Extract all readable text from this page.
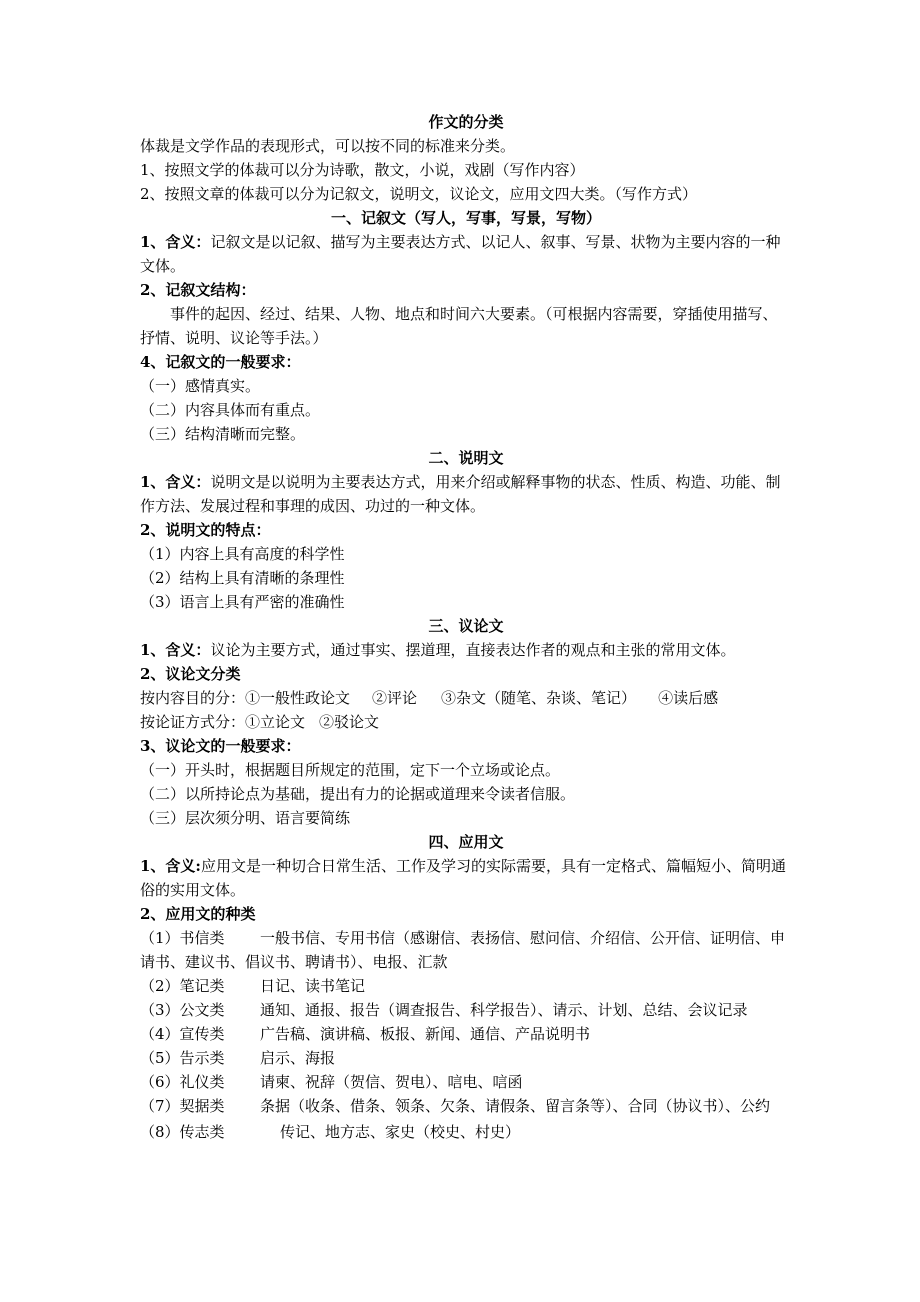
作文的分类
体裁是文学作品的表现形式，可以按不同的标准来分类。
1、按照文学的体裁可以分为诗歌，散文，小说，戏剧（写作内容）
2、按照文章的体裁可以分为记叙文，说明文，议论文，应用文四大类。（写作方式）
一、记叙文（写人，写事，写景，写物）
1、含义：记叙文是以记叙、描写为主要表达方式、以记人、叙事、写景、状物为主要内容的一种文体。
2、记叙文结构：
事件的起因、经过、结果、人物、地点和时间六大要素。（可根据内容需要，穿插使用描写、抒情、说明、议论等手法。）
4、记叙文的一般要求：
（一）感情真实。
（二）内容具体而有重点。
（三）结构清晰而完整。
二、说明文
1、含义：说明文是以说明为主要表达方式，用来介绍或解释事物的状态、性质、构造、功能、制作方法、发展过程和事理的成因、功过的一种文体。
2、说明文的特点：
（1）内容上具有高度的科学性
（2）结构上具有清晰的条理性
（3）语言上具有严密的准确性
三、议论文
1、含义：议论为主要方式，通过事实、摆道理，直接表达作者的观点和主张的常用文体。
2、议论文分类
按内容目的分：①一般性政论文 ②评论 ③杂文（随笔、杂谈、笔记） ④读后感
按论证方式分：①立论文 ②驳论文
3、议论文的一般要求：
（一）开头时，根据题目所规定的范围，定下一个立场或论点。
（二）以所持论点为基础，提出有力的论据或道理来令读者信服。
（三）层次须分明、语言要简练
四、应用文
1、含义:应用文是一种切合日常生活、工作及学习的实际需要，具有一定格式、篇幅短小、简明通俗的实用文体。
2、应用文的种类
（1）书信类 一般书信、专用书信（感谢信、表扬信、慰问信、介绍信、公开信、证明信、申请书、建议书、倡议书、聘请书）、电报、汇款
（2）笔记类	日记、读书笔记
（3）公文类	通知、通报、报告（调查报告、科学报告）、请示、计划、总结、会议记录
（4）宣传类	广告稿、演讲稿、板报、新闻、通信、产品说明书
（5）告示类	启示、海报
（6）礼仪类	请柬、祝辞（贺信、贺电）、唁电、唁函
（7）契据类 条据（收条、借条、领条、欠条、请假条、留言条等）、合同（协议书）、公约
（8）传志类	传记、地方志、家史（校史、村史）
